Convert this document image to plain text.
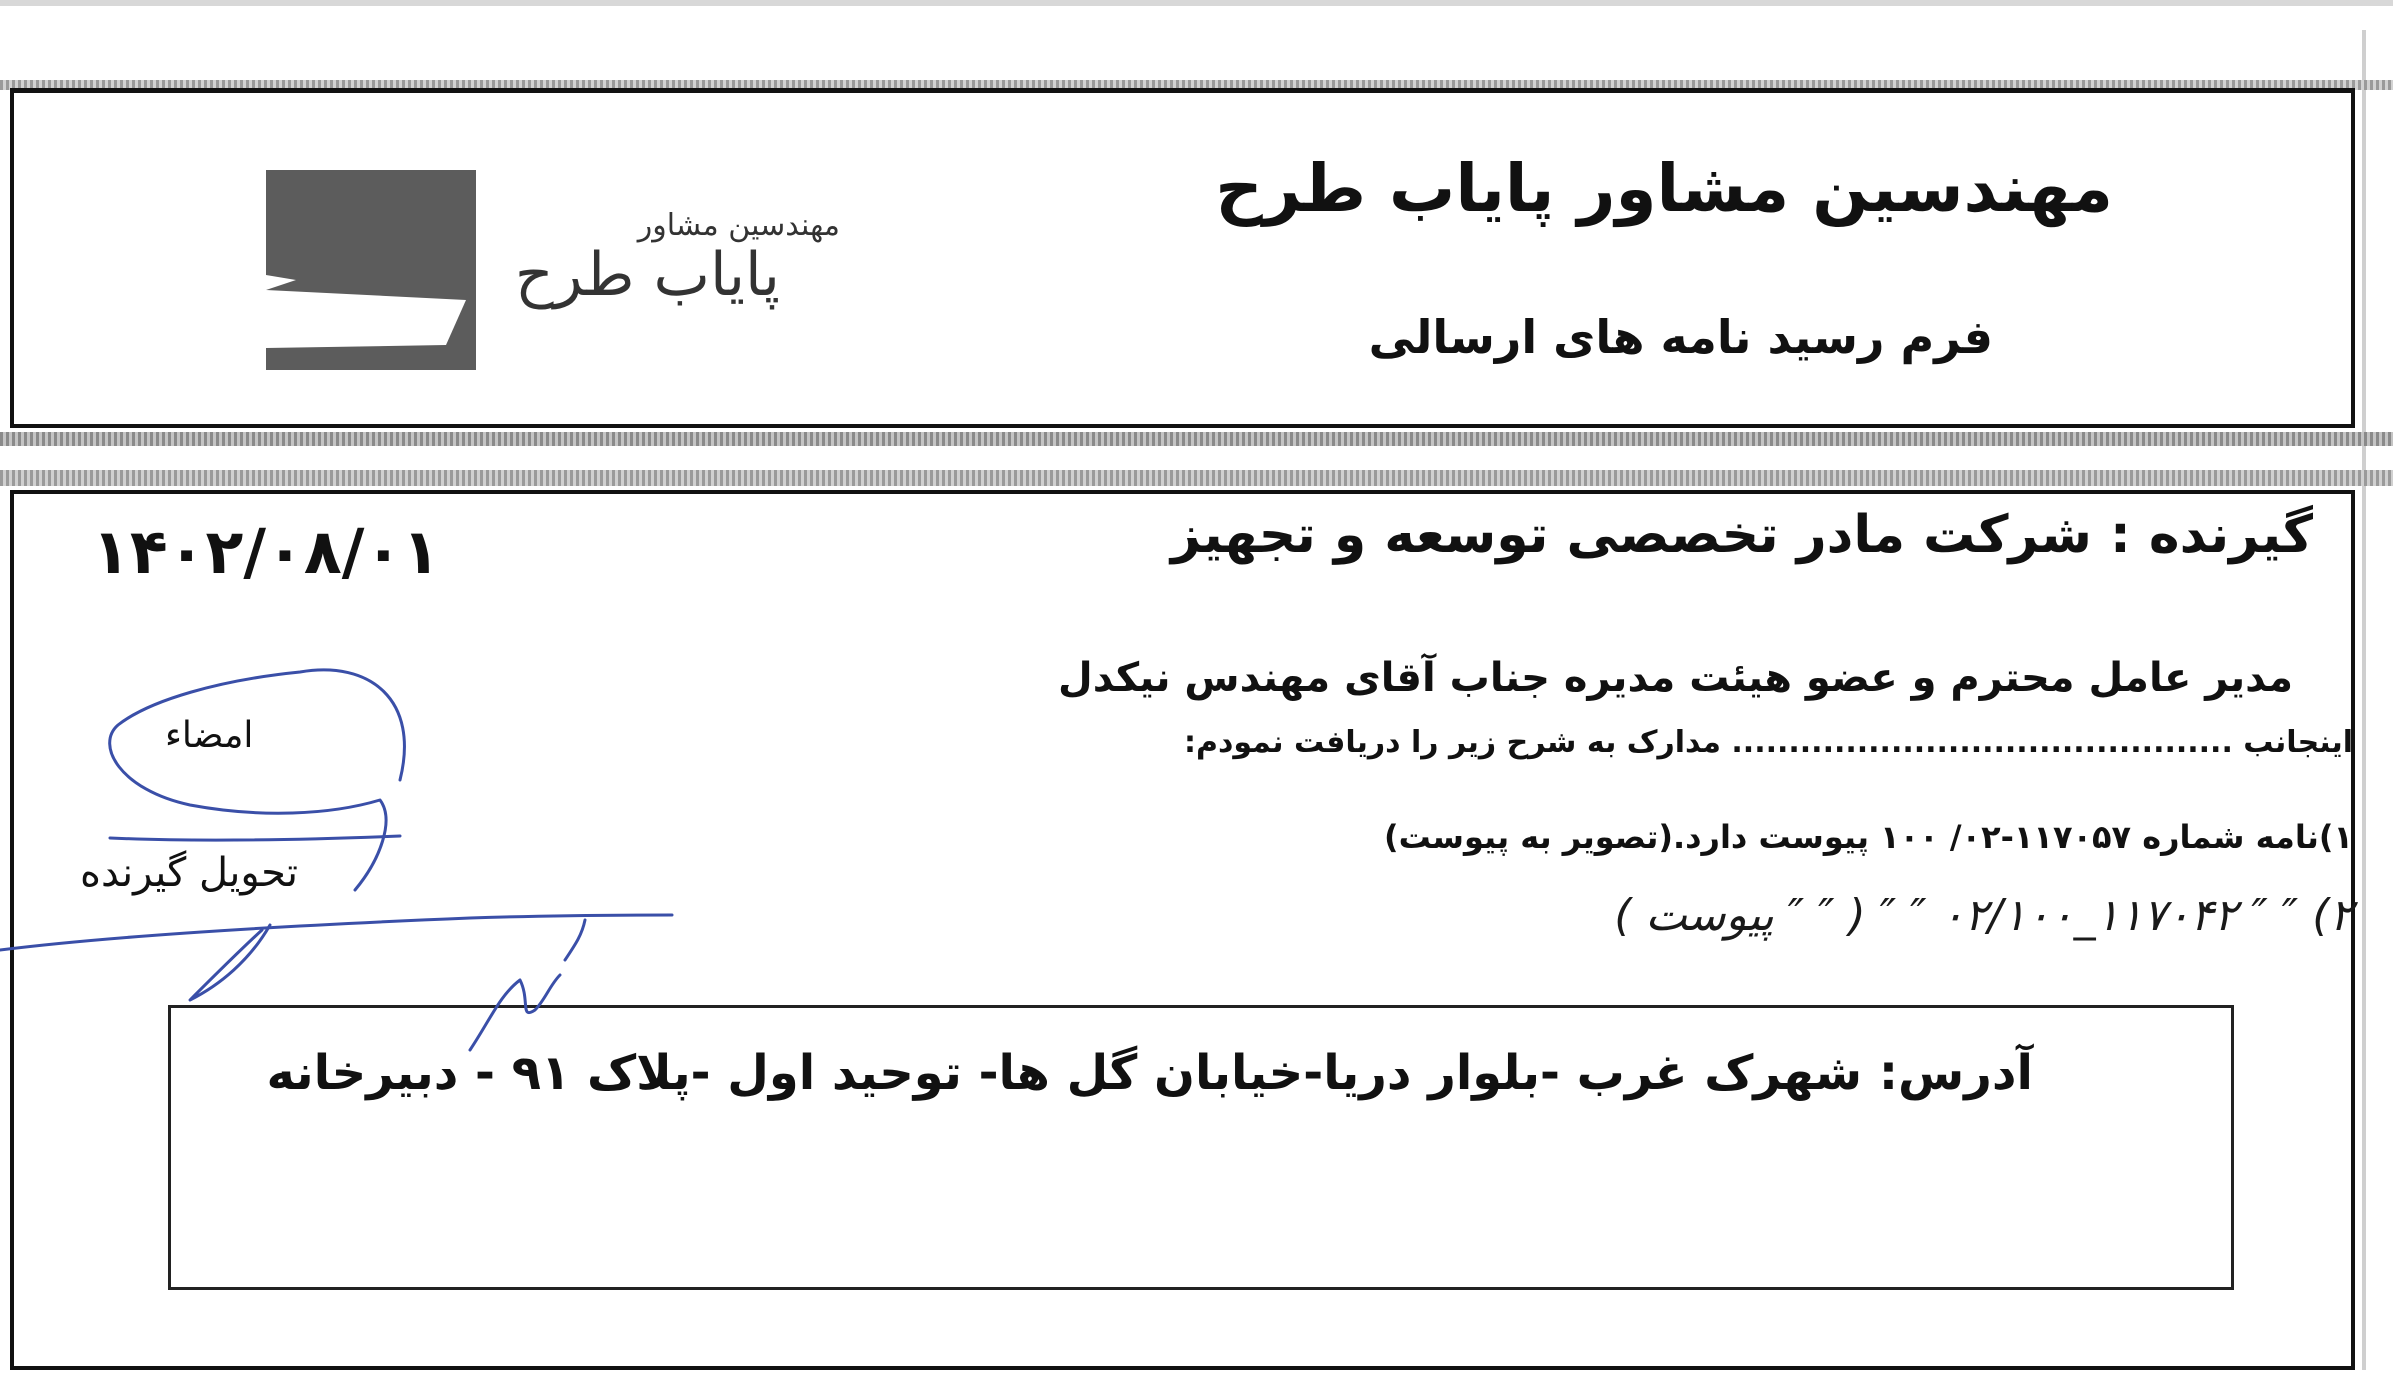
مهندسین مشاور پایاب طرح
فرم رسید نامه های ارسالی
مهندسین مشاور
پایاب طرح
گیرنده : شرکت مادر تخصصی توسعه و تجهیز
۱۴۰۲/۰۸/۰۱
مدیر عامل محترم و عضو هیئت مدیره جناب آقای مهندس نیکدل
اینجانب ............................................ مدارک به شرح زیر را دریافت نمودم:
۱)نامه شماره ۱۱۷۰۵۷-۰۲/ ۱۰۰ پیوست دارد.(تصویر به پیوست)
۲) ″ ″ ۱۱۷۰۴۲_۰۲/۱۰۰ ″ ″ ( ″ ″ پیوست )
امضاء
تحویل گیرنده
آدرس: شهرک غرب -بلوار دریا-خیابان گل ها- توحید اول -پلاک ۹۱ - دبیرخانه
